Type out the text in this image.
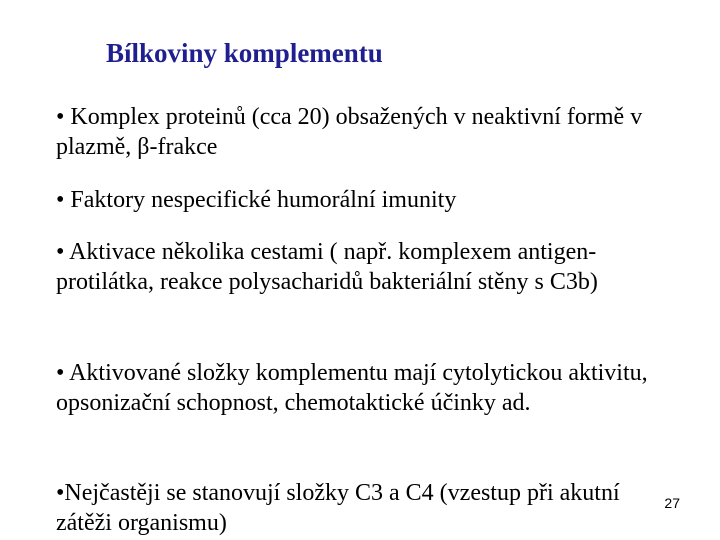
Bílkoviny komplementu
• Komplex proteinů (cca 20) obsažených v neaktivní formě v plazmě, β-frakce
• Faktory nespecifické humorální imunity
• Aktivace několika cestami ( např. komplexem antigen-protilátka, reakce polysacharidů bakteriální stěny s C3b)
• Aktivované složky komplementu mají cytolytickou aktivitu, opsonizační schopnost, chemotaktické účinky ad.
•Nejčastěji se stanovují složky C3 a C4 (vzestup při akutní zátěži organismu)
27
